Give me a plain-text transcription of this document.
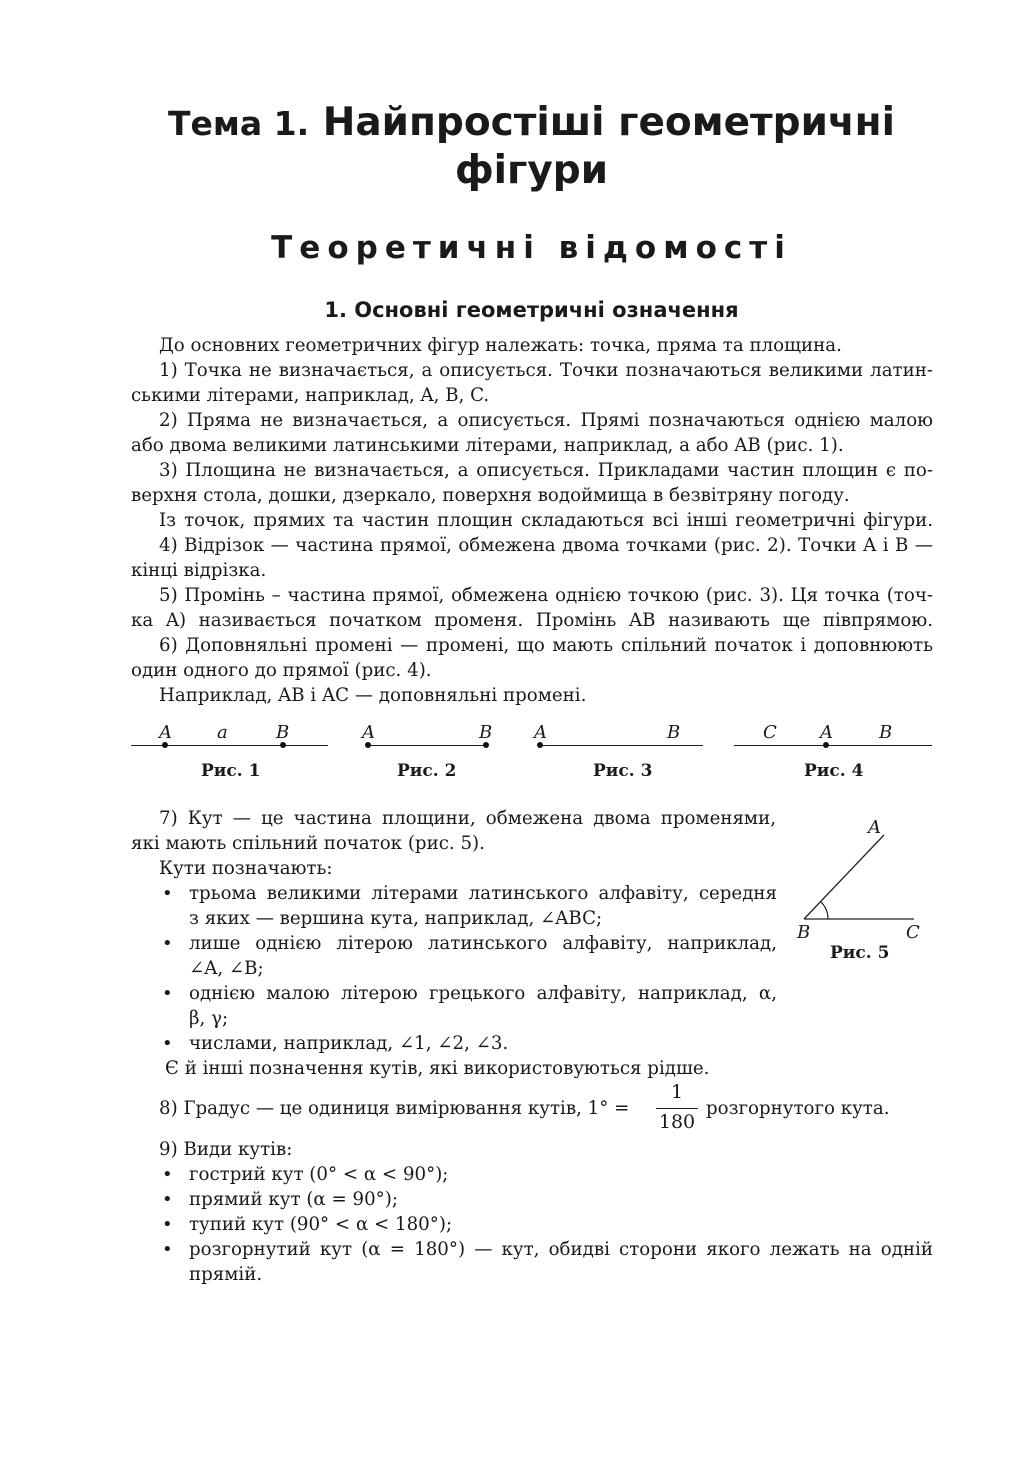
Тема 1. Найпростіші геометричні
фігури
Теоретичні відомості
1. Основні геометричні означення
До основних геометричних фігур належать: точка, пряма та площина.
1) Точка не визначається, а описується. Точки позначаються великими латин-
ськими літерами, наприклад, A, B, C.
2) Пряма не визначається, а описується. Прямі позначаються однією малою
або двома великими латинськими літерами, наприклад, a або AB (рис. 1).
3) Площина не визначається, а описується. Прикладами частин площин є по-
верхня стола, дошки, дзеркало, поверхня водоймища в безвітряну погоду.
Із точок, прямих та частин площин складаються всі інші геометричні фігури.
4) Відрізок — частина прямої, обмежена двома точками (рис. 2). Точки A і B —
кінці відрізка.
5) Промінь – частина прямої, обмежена однією точкою (рис. 3). Ця точка (точ-
ка A) називається початком променя. Промінь AB називають ще півпрямою.
6) Доповняльні промені — промені, що мають спільний початок і доповнюють
один одного до прямої (рис. 4).
Наприклад, AB і AC — доповняльні промені.
A	a	B
Рис. 1
A	B
Рис. 2
A	B
Рис. 3
C A	B
Рис. 4
7) Кут — це частина площини, обмежена двома променями,
які мають спільний початок (рис. 5).
Кути позначають:
• трьома великими літерами латинського алфавіту, середня
з яких — вершина кута, наприклад, ∠ABC;
• лише однією літерою латинського алфавіту, наприклад,
∠A, ∠B;
• однією малою літерою грецького алфавіту, наприклад, α,
β, γ;
• числами, наприклад, ∠1, ∠2, ∠3.
Є й інші позначення кутів, які використовуються рідше.
A
B	C
Рис. 5
8) Градус — це одиниця вимірювання кутів, 1° =
1
180
розгорнутого кута.
9) Види кутів:
• гострий кут (0° < α < 90°);
• прямий кут (α = 90°);
• тупий кут (90° < α < 180°);
• розгорнутий кут (α = 180°) — кут, обидві сторони якого лежать на одній
прямій.
